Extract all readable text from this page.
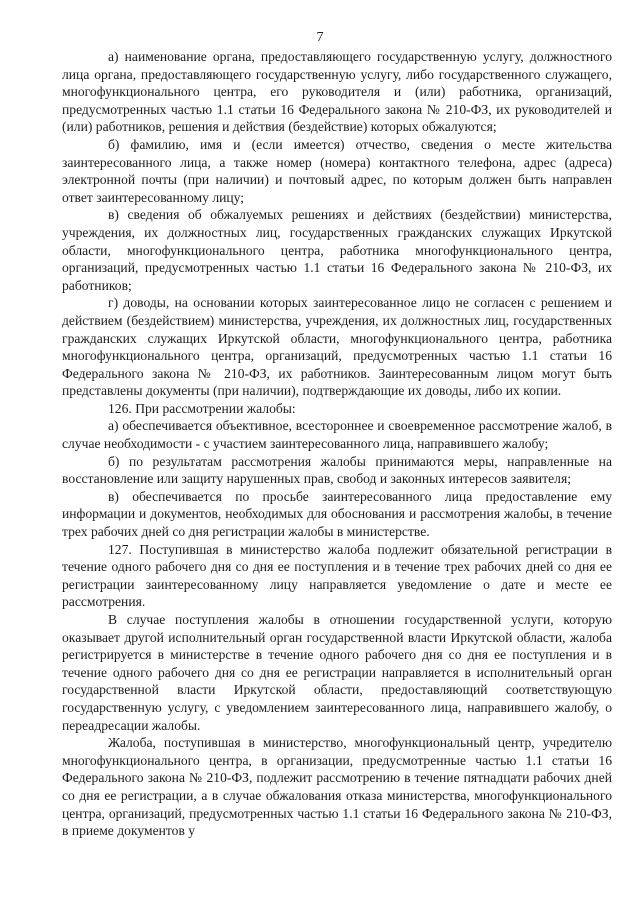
7

а) наименование органа, предоставляющего государственную услугу, должностного лица органа, предоставляющего государственную услугу, либо государственного служащего, многофункционального центра, его руководителя и (или) работника, организаций, предусмотренных частью 1.1 статьи 16 Федерального закона № 210-ФЗ, их руководителей и (или) работников, решения и действия (бездействие) которых обжалуются;

б) фамилию, имя и (если имеется) отчество, сведения о месте жительства заинтересованного лица, а также номер (номера) контактного телефона, адрес (адреса) электронной почты (при наличии) и почтовый адрес, по которым должен быть направлен ответ заинтересованному лицу;

в) сведения об обжалуемых решениях и действиях (бездействии) министерства, учреждения, их должностных лиц, государственных гражданских служащих Иркутской области, многофункционального центра, работника многофункционального центра, организаций, предусмотренных частью 1.1 статьи 16 Федерального закона № 210-ФЗ, их работников;

г) доводы, на основании которых заинтересованное лицо не согласен с решением и действием (бездействием) министерства, учреждения, их должностных лиц, государственных гражданских служащих Иркутской области, многофункционального центра, работника многофункционального центра, организаций, предусмотренных частью 1.1 статьи 16 Федерального закона № 210-ФЗ, их работников. Заинтересованным лицом могут быть представлены документы (при наличии), подтверждающие их доводы, либо их копии.

126. При рассмотрении жалобы:

а) обеспечивается объективное, всестороннее и своевременное рассмотрение жалоб, в случае необходимости - с участием заинтересованного лица, направившего жалобу;

б) по результатам рассмотрения жалобы принимаются меры, направленные на восстановление или защиту нарушенных прав, свобод и законных интересов заявителя;

в) обеспечивается по просьбе заинтересованного лица предоставление ему информации и документов, необходимых для обоснования и рассмотрения жалобы, в течение трех рабочих дней со дня регистрации жалобы в министерстве.

127. Поступившая в министерство жалоба подлежит обязательной регистрации в течение одного рабочего дня со дня ее поступления и в течение трех рабочих дней со дня ее регистрации заинтересованному лицу направляется уведомление о дате и месте ее рассмотрения.

В случае поступления жалобы в отношении государственной услуги, которую оказывает другой исполнительный орган государственной власти Иркутской области, жалоба регистрируется в министерстве в течение одного рабочего дня со дня ее поступления и в течение одного рабочего дня со дня ее регистрации направляется в исполнительный орган государственной власти Иркутской области, предоставляющий соответствующую государственную услугу, с уведомлением заинтересованного лица, направившего жалобу, о переадресации жалобы.

Жалоба, поступившая в министерство, многофункциональный центр, учредителю многофункционального центра, в организации, предусмотренные частью 1.1 статьи 16 Федерального закона № 210-ФЗ, подлежит рассмотрению в течение пятнадцати рабочих дней со дня ее регистрации, а в случае обжалования отказа министерства, многофункционального центра, организаций, предусмотренных частью 1.1 статьи 16 Федерального закона № 210-ФЗ, в приеме документов у
